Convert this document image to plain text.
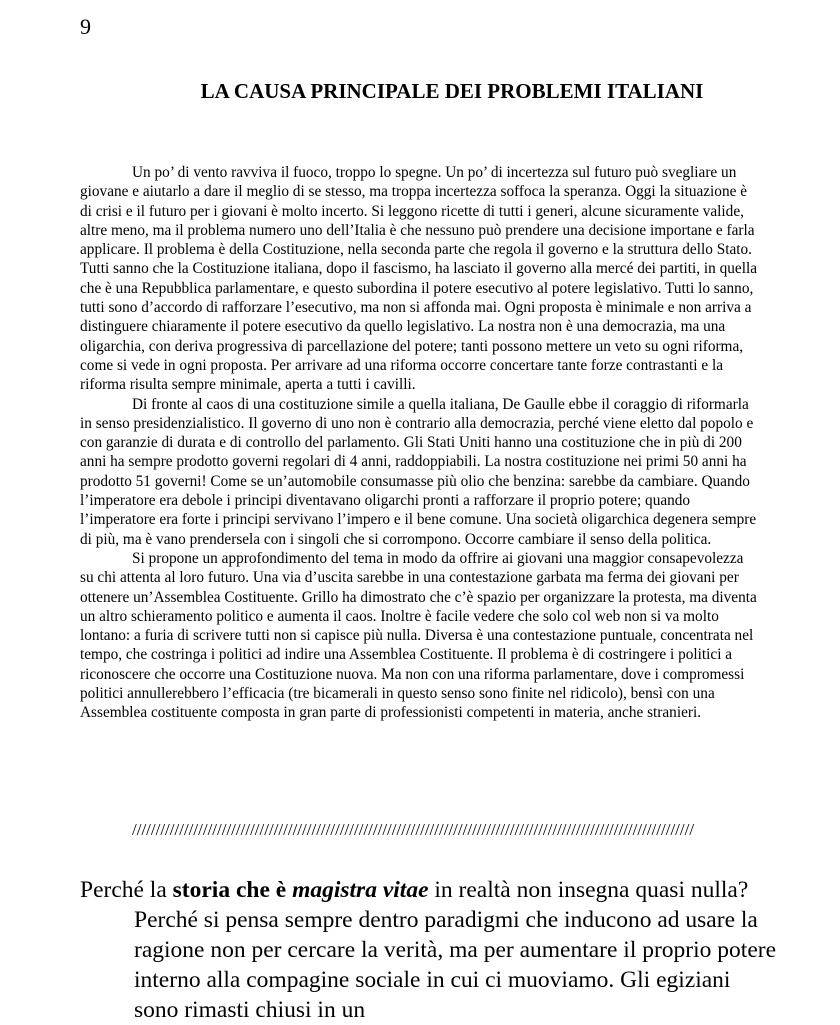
9
LA CAUSA PRINCIPALE DEI PROBLEMI ITALIANI

Un po’ di vento ravviva il fuoco, troppo lo spegne. Un po’ di incertezza sul futuro può svegliare un giovane e aiutarlo a dare il meglio di se stesso, ma troppa incertezza soffoca la speranza. Oggi la situazione è di crisi e il futuro per i giovani è molto incerto. Si leggono ricette di tutti i generi, alcune sicuramente valide, altre meno, ma il problema numero uno dell’Italia è che nessuno può prendere una decisione importane e farla applicare. Il problema è della Costituzione, nella seconda parte che regola il governo e la struttura dello Stato. Tutti sanno che la Costituzione italiana, dopo il fascismo, ha lasciato il governo alla mercé dei partiti, in quella che è una Repubblica parlamentare, e questo subordina il potere esecutivo al potere legislativo. Tutti lo sanno, tutti sono d’accordo di rafforzare l’esecutivo, ma non si affonda mai. Ogni proposta è minimale e non arriva a distinguere chiaramente il potere esecutivo da quello legislativo. La nostra non è una democrazia, ma una oligarchia, con deriva progressiva di parcellazione del potere; tanti possono mettere un veto su ogni riforma, come si vede in ogni proposta. Per arrivare ad una riforma occorre concertare tante forze contrastanti e la riforma risulta sempre minimale, aperta a tutti i cavilli.

Di fronte al caos di una costituzione simile a quella italiana, De Gaulle ebbe il coraggio di riformarla in senso presidenzialistico. Il governo di uno non è contrario alla democrazia, perché viene eletto dal popolo e con garanzie di durata e di controllo del parlamento. Gli Stati Uniti hanno una costituzione che in più di 200 anni ha sempre prodotto governi regolari di 4 anni, raddoppiabili. La nostra costituzione nei primi 50 anni ha prodotto 51 governi! Come se un’automobile consumasse più olio che benzina: sarebbe da cambiare. Quando l’imperatore era debole i principi diventavano oligarchi pronti a rafforzare il proprio potere; quando l’imperatore era forte i principi servivano l’impero e il bene comune. Una società oligarchica degenera sempre di più, ma è vano prendersela con i singoli che si corrompono. Occorre cambiare il senso della politica.

Si propone un approfondimento del tema in modo da offrire ai giovani una maggior consapevolezza su chi attenta al loro futuro. Una via d’uscita sarebbe in una contestazione garbata ma ferma dei giovani per ottenere un’Assemblea Costituente. Grillo ha dimostrato che c’è spazio per organizzare la protesta, ma diventa un altro schieramento politico e aumenta il caos. Inoltre è facile vedere che solo col web non si va molto lontano: a furia di scrivere tutti non si capisce più nulla. Diversa è una contestazione puntuale, concentrata nel tempo, che costringa i politici ad indire una Assemblea Costituente. Il problema è di costringere i politici a riconoscere che occorre una Costituzione nuova. Ma non con una riforma parlamentare, dove i compromessi politici annullerebbero l’efficacia (tre bicamerali in questo senso sono finite nel ridicolo), bensì con una Assemblea costituente composta in gran parte di professionisti competenti in materia, anche stranieri.

///////////////////////////////////////////////////////////////////////////////////////////////////////////////////////

Perché la storia che è magistra vitae in realtà non insegna quasi nulla? Perché si pensa sempre dentro paradigmi che inducono ad usare la ragione non per cercare la verità, ma per aumentare il proprio potere interno alla compagine sociale in cui ci muoviamo. Gli egiziani sono rimasti chiusi in un
